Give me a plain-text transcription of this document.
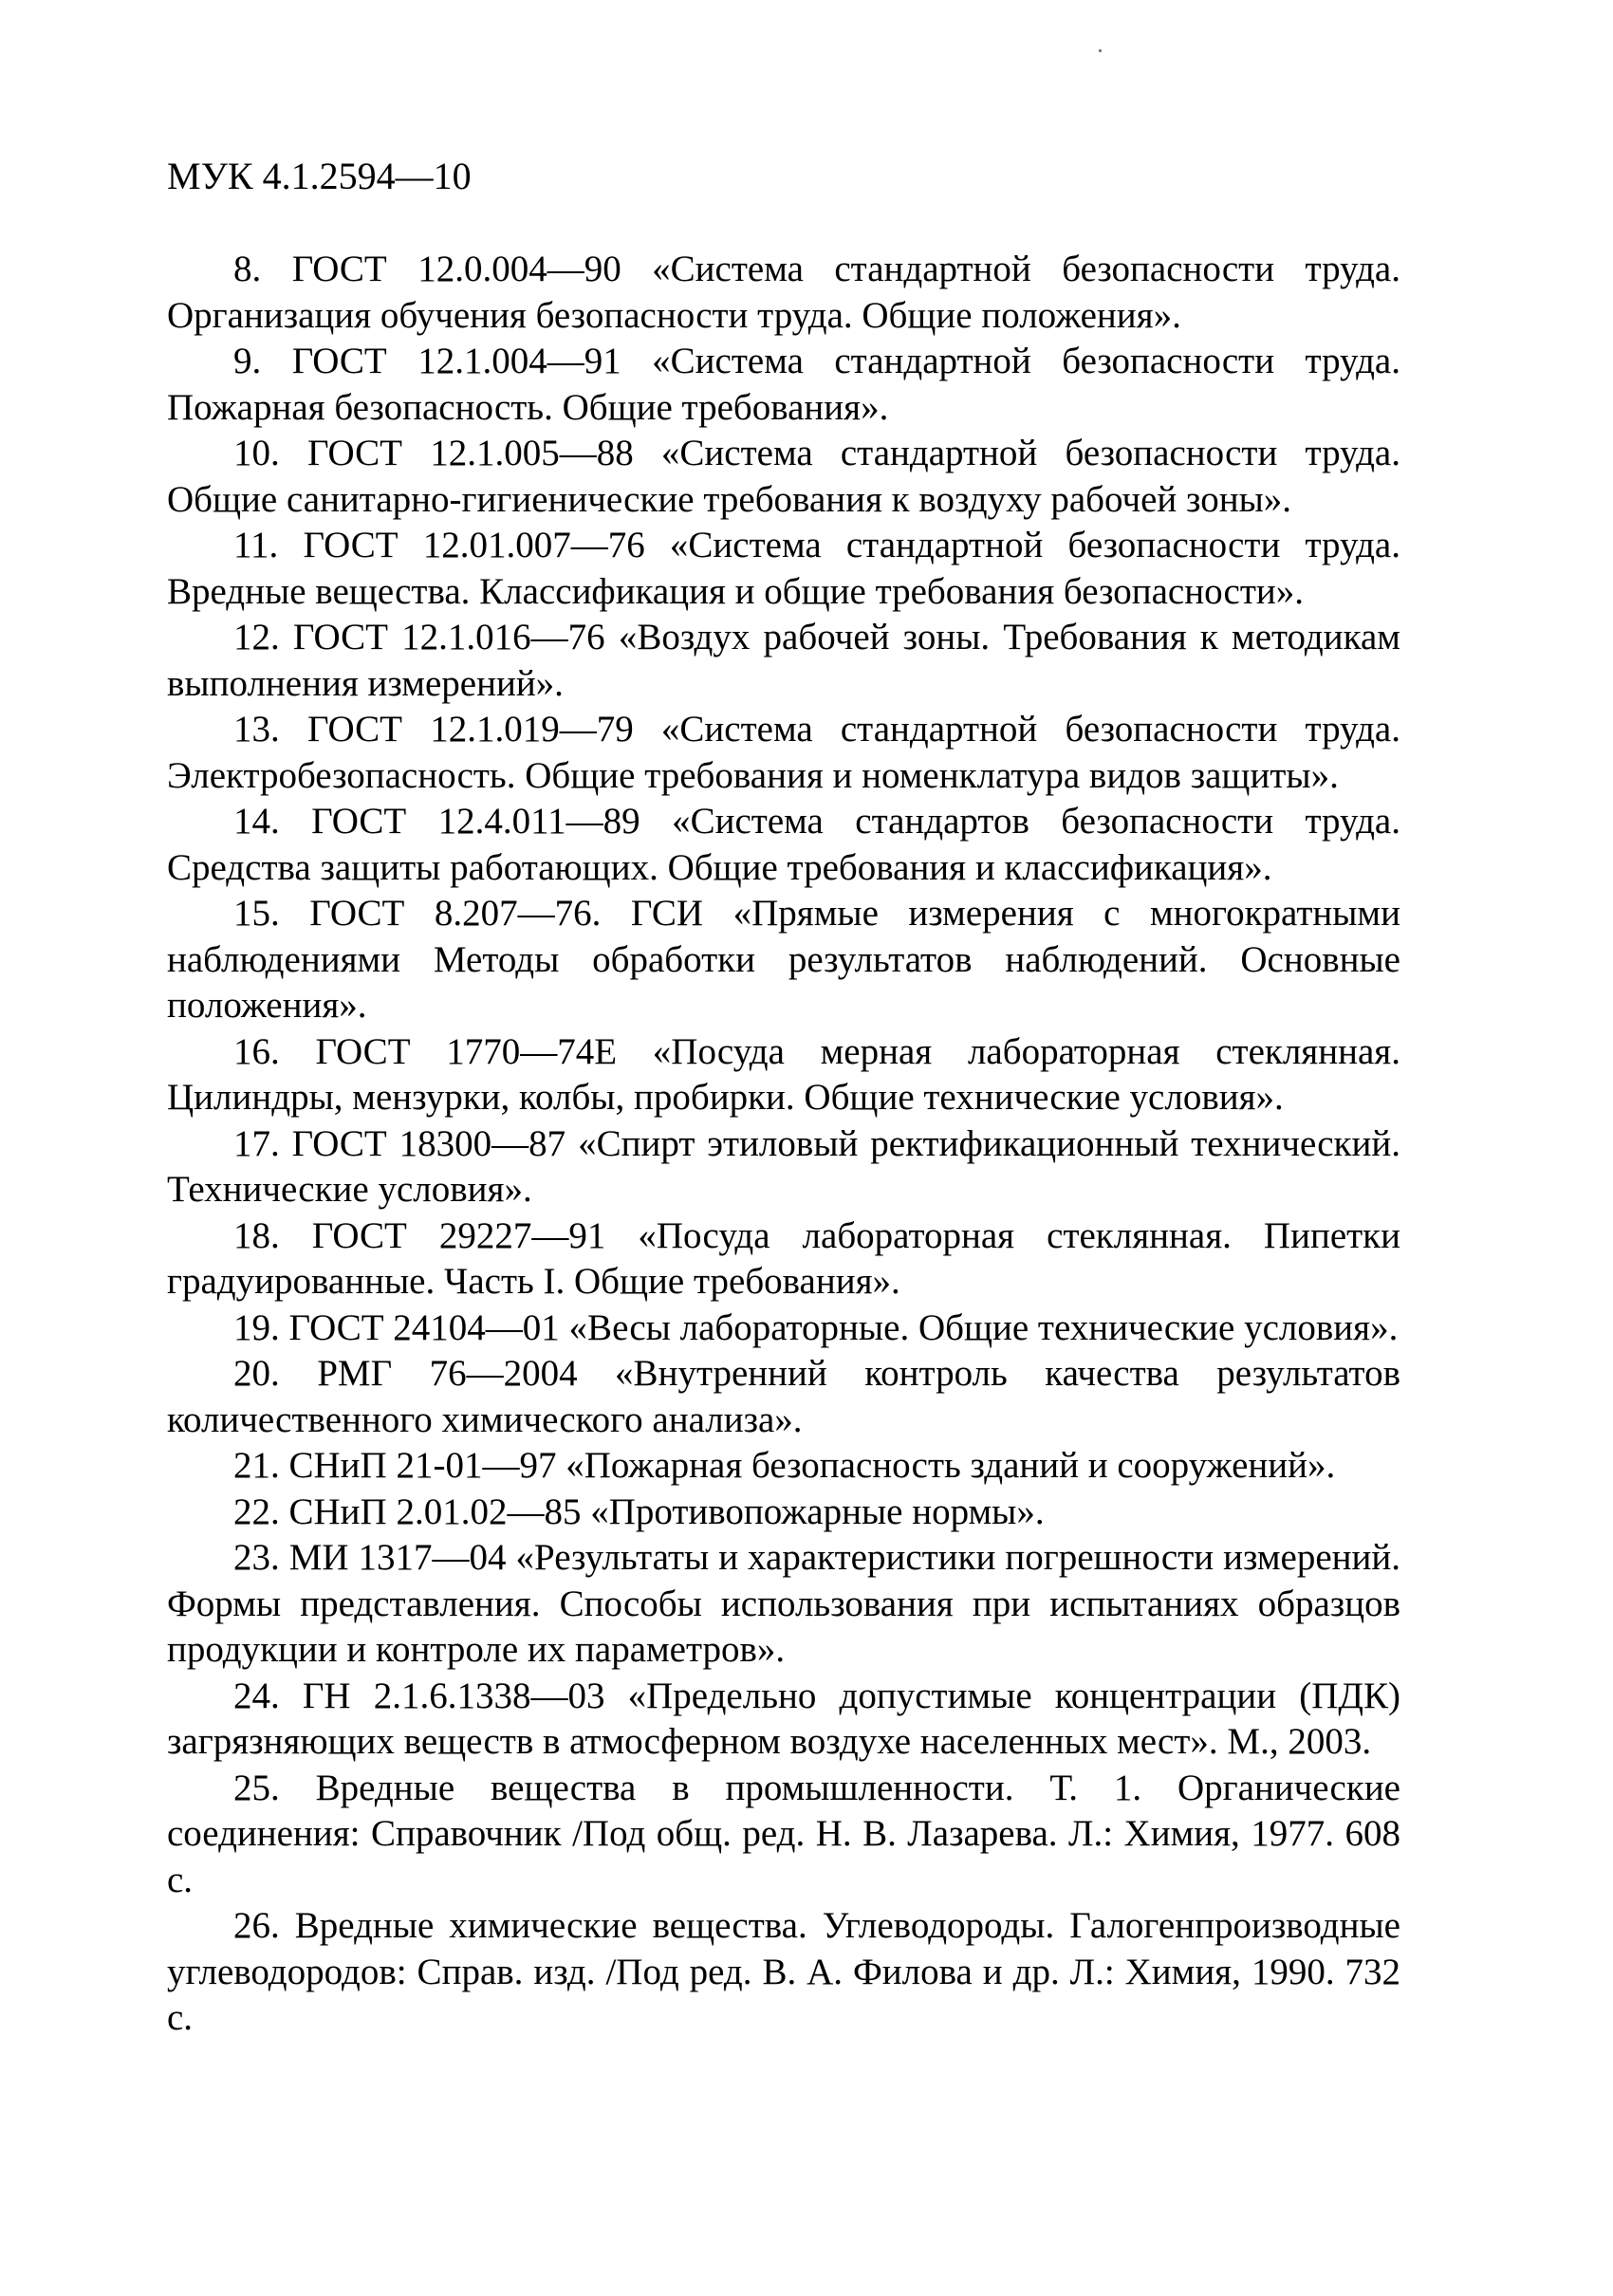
МУК 4.1.2594—10

8. ГОСТ 12.0.004—90 «Система стандартной безопасности труда. Организация обучения безопасности труда. Общие положения».

9. ГОСТ 12.1.004—91 «Система стандартной безопасности труда. Пожарная безопасность. Общие требования».

10. ГОСТ 12.1.005—88 «Система стандартной безопасности труда. Общие санитарно-гигиенические требования к воздуху рабочей зоны».

11. ГОСТ 12.01.007—76 «Система стандартной безопасности труда. Вредные вещества. Классификация и общие требования безопасности».

12. ГОСТ 12.1.016—76 «Воздух рабочей зоны. Требования к методикам выполнения измерений».

13. ГОСТ 12.1.019—79 «Система стандартной безопасности труда. Электробезопасность. Общие требования и номенклатура видов защиты».

14. ГОСТ 12.4.011—89 «Система стандартов безопасности труда. Средства защиты работающих. Общие требования и классификация».

15. ГОСТ 8.207—76. ГСИ «Прямые измерения с многократными наблюдениями Методы обработки результатов наблюдений. Основные положения».

16. ГОСТ 1770—74Е «Посуда мерная лабораторная стеклянная. Цилиндры, мензурки, колбы, пробирки. Общие технические условия».

17. ГОСТ 18300—87 «Спирт этиловый ректификационный технический. Технические условия».

18. ГОСТ 29227—91 «Посуда лабораторная стеклянная. Пипетки градуированные. Часть I. Общие требования».

19. ГОСТ 24104—01 «Весы лабораторные. Общие технические условия».

20. РМГ 76—2004 «Внутренний контроль качества результатов количественного химического анализа».

21. СНиП 21-01—97 «Пожарная безопасность зданий и сооружений».

22. СНиП 2.01.02—85 «Противопожарные нормы».

23. МИ 1317—04 «Результаты и характеристики погрешности измерений. Формы представления. Способы использования при испытаниях образцов продукции и контроле их параметров».

24. ГН 2.1.6.1338—03 «Предельно допустимые концентрации (ПДК) загрязняющих веществ в атмосферном воздухе населенных мест». М., 2003.

25. Вредные вещества в промышленности. Т. 1. Органические соединения: Справочник /Под общ. ред. Н. В. Лазарева. Л.: Химия, 1977. 608 с.

26. Вредные химические вещества. Углеводороды. Галогенпроизводные углеводородов: Справ. изд. /Под ред. В. А. Филова и др. Л.: Химия, 1990. 732 с.
